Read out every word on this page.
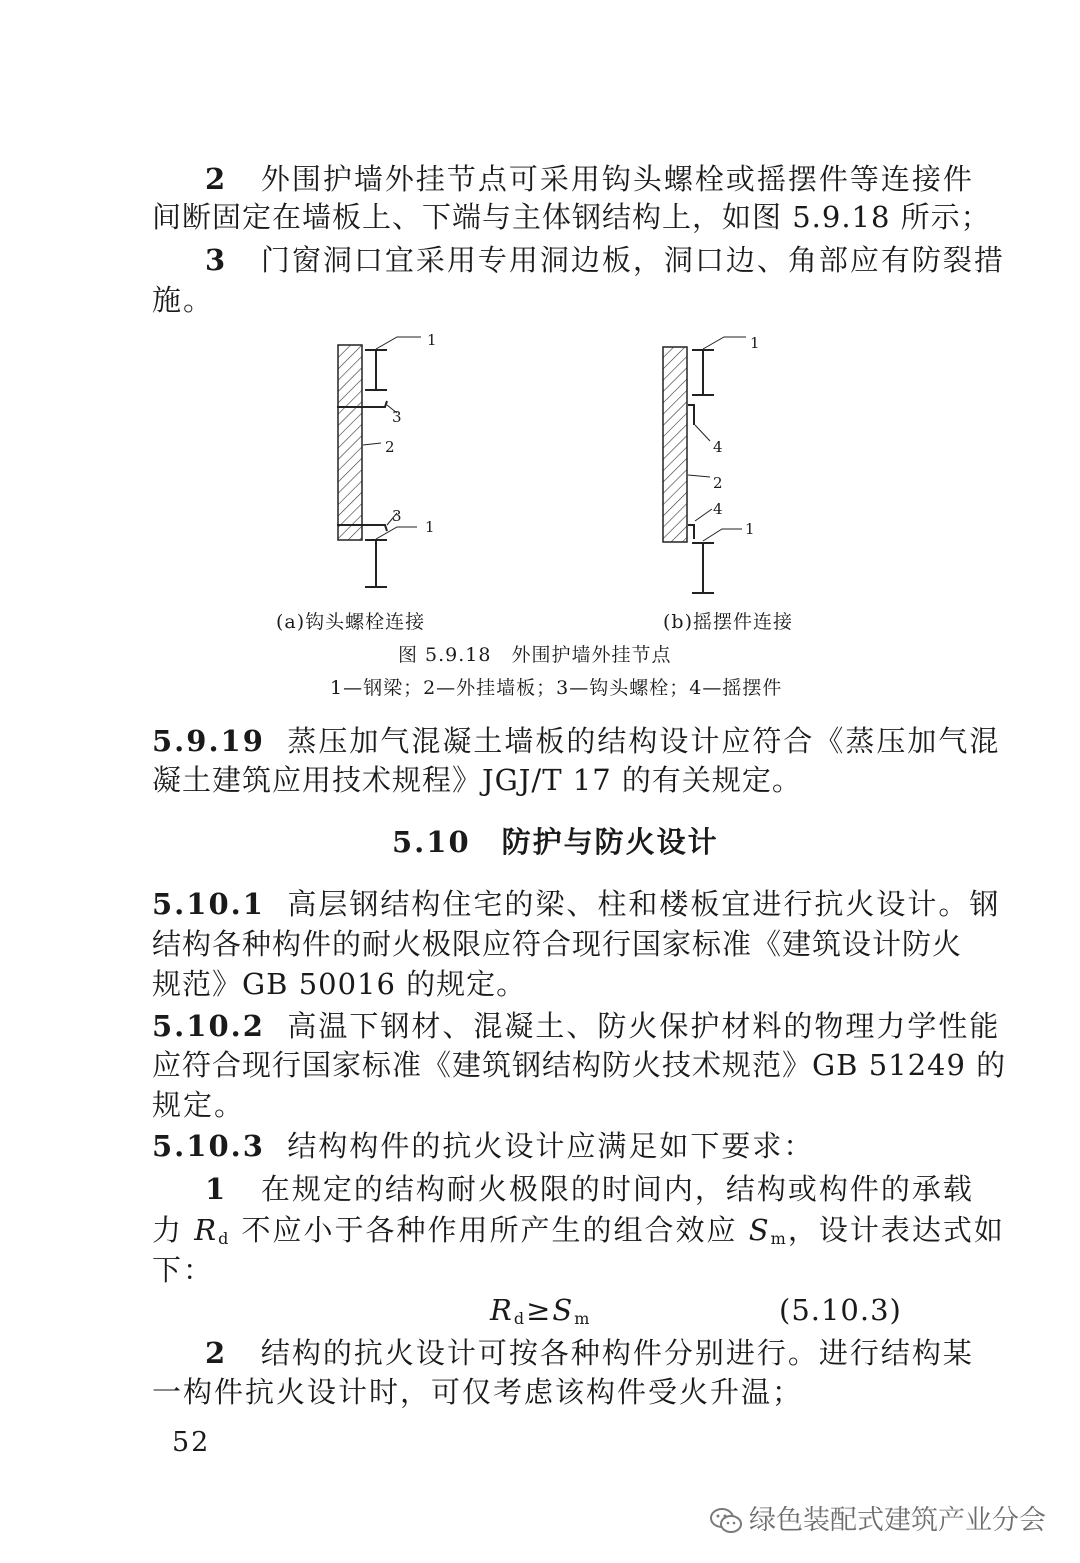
2 外围护墙外挂节点可采用钩头螺栓或摇摆件等连接件
间断固定在墙板上、下端与主体钢结构上，如图 5.9.18 所示；
3 门窗洞口宜采用专用洞边板，洞口边、角部应有防裂措
施。
1
3
2
3
1
1
4
2
4
1
(a)钩头螺栓连接	(b)摇摆件连接
图 5.9.18　外围护墙外挂节点
1—钢梁；2—外挂墙板；3—钩头螺栓；4—摇摆件
5.9.19 蒸压加气混凝土墙板的结构设计应符合《蒸压加气混
凝土建筑应用技术规程》JGJ/T 17 的有关规定。
5.10　防护与防火设计
5.10.1 高层钢结构住宅的梁、柱和楼板宜进行抗火设计。钢
结构各种构件的耐火极限应符合现行国家标准《建筑设计防火
规范》GB 50016 的规定。
5.10.2 高温下钢材、混凝土、防火保护材料的物理力学性能
应符合现行国家标准《建筑钢结构防火技术规范》GB 51249 的
规定。
5.10.3 结构构件的抗火设计应满足如下要求：
1 在规定的结构耐火极限的时间内，结构或构件的承载
力 $R_d$ 不应小于各种作用所产生的组合效应 $S_m$，设计表达式如
下：
$R_d\ge S_m$	(5.10.3)
2 结构的抗火设计可按各种构件分别进行。进行结构某
一构件抗火设计时，可仅考虑该构件受火升温；
52
绿色装配式建筑产业分会
